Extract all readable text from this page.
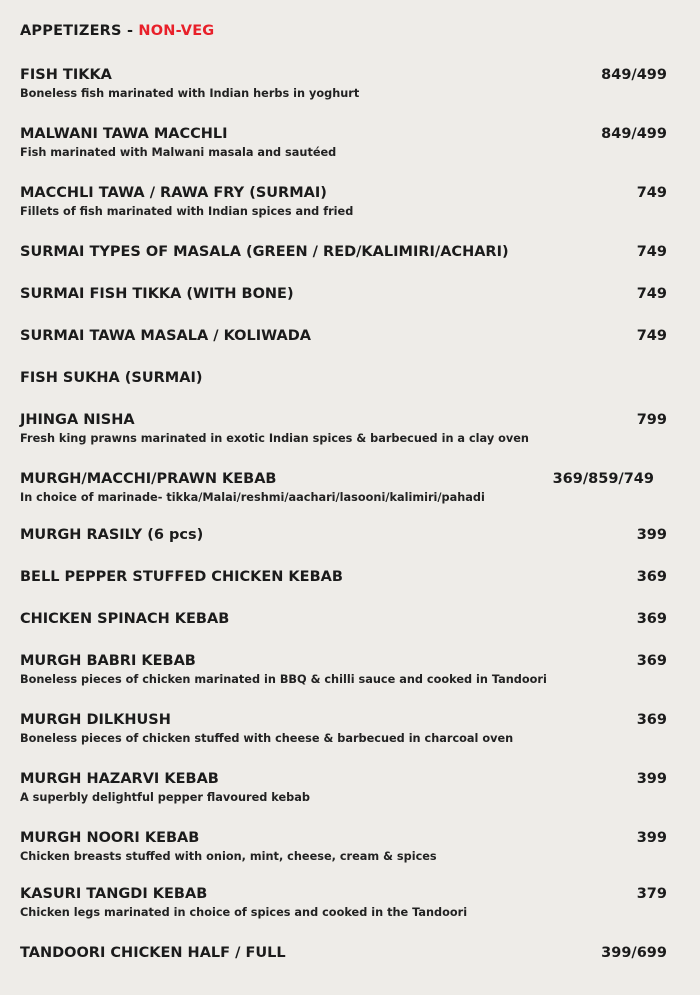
APPETIZERS - NON-VEG
FISH TIKKA	849/499
Boneless fish marinated with Indian herbs in yoghurt
MALWANI TAWA MACCHLI	849/499
Fish marinated with Malwani masala and sautéed
MACCHLI TAWA / RAWA FRY (SURMAI)	749
Fillets of fish marinated with Indian spices and fried
SURMAI TYPES OF MASALA (GREEN / RED/KALIMIRI/ACHARI)	749
SURMAI FISH TIKKA (WITH BONE)	749
SURMAI TAWA MASALA / KOLIWADA	749
FISH SUKHA (SURMAI)
JHINGA NISHA	799
Fresh king prawns marinated in exotic Indian spices & barbecued in a clay oven
MURGH/MACCHI/PRAWN KEBAB	369/859/749
In choice of marinade- tikka/Malai/reshmi/aachari/lasooni/kalimiri/pahadi
MURGH RASILY (6 pcs)	399
BELL PEPPER STUFFED CHICKEN KEBAB	369
CHICKEN SPINACH KEBAB	369
MURGH BABRI KEBAB	369
Boneless pieces of chicken marinated in BBQ & chilli sauce and cooked in Tandoori
MURGH DILKHUSH	369
Boneless pieces of chicken stuffed with cheese & barbecued in charcoal oven
MURGH HAZARVI KEBAB	399
A superbly delightful pepper flavoured kebab
MURGH NOORI KEBAB	399
Chicken breasts stuffed with onion, mint, cheese, cream & spices
KASURI TANGDI KEBAB	379
Chicken legs marinated in choice of spices and cooked in the Tandoori
TANDOORI CHICKEN HALF / FULL	399/699
